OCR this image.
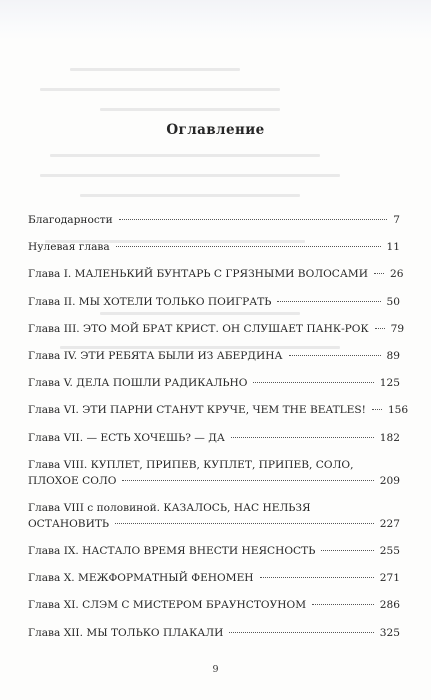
Оглавление
Благодарности	7
Нулевая глава	11
Глава I. МАЛЕНЬКИЙ БУНТАРЬ С ГРЯЗНЫМИ ВОЛОСАМИ 26
Глава II. МЫ ХОТЕЛИ ТОЛЬКО ПОИГРАТЬ	50
Глава III. ЭТО МОЙ БРАТ КРИСТ. ОН СЛУШАЕТ ПАНК-РОК 79
Глава IV. ЭТИ РЕБЯТА БЫЛИ ИЗ АБЕРДИНА	89
Глава V. ДЕЛА ПОШЛИ РАДИКАЛЬНО	125
Глава VI. ЭТИ ПАРНИ СТАНУТ КРУЧЕ, ЧЕМ THE BEATLES! 156
Глава VII. — ЕСТЬ ХОЧЕШЬ? — ДА	182
Глава VIII. КУПЛЕТ, ПРИПЕВ, КУПЛЕТ, ПРИПЕВ, СОЛО,
ПЛОХОЕ СОЛО	209
Глава VIII с половиной. КАЗАЛОСЬ, НАС НЕЛЬЗЯ
ОСТАНОВИТЬ	227
Глава IX. НАСТАЛО ВРЕМЯ ВНЕСТИ НЕЯСНОСТЬ	255
Глава X. МЕЖФОРМАТНЫЙ ФЕНОМЕН	271
Глава XI. СЛЭМ С МИСТЕРОМ БРАУНСТОУНОМ	286
Глава XII. МЫ ТОЛЬКО ПЛАКАЛИ	325
9
